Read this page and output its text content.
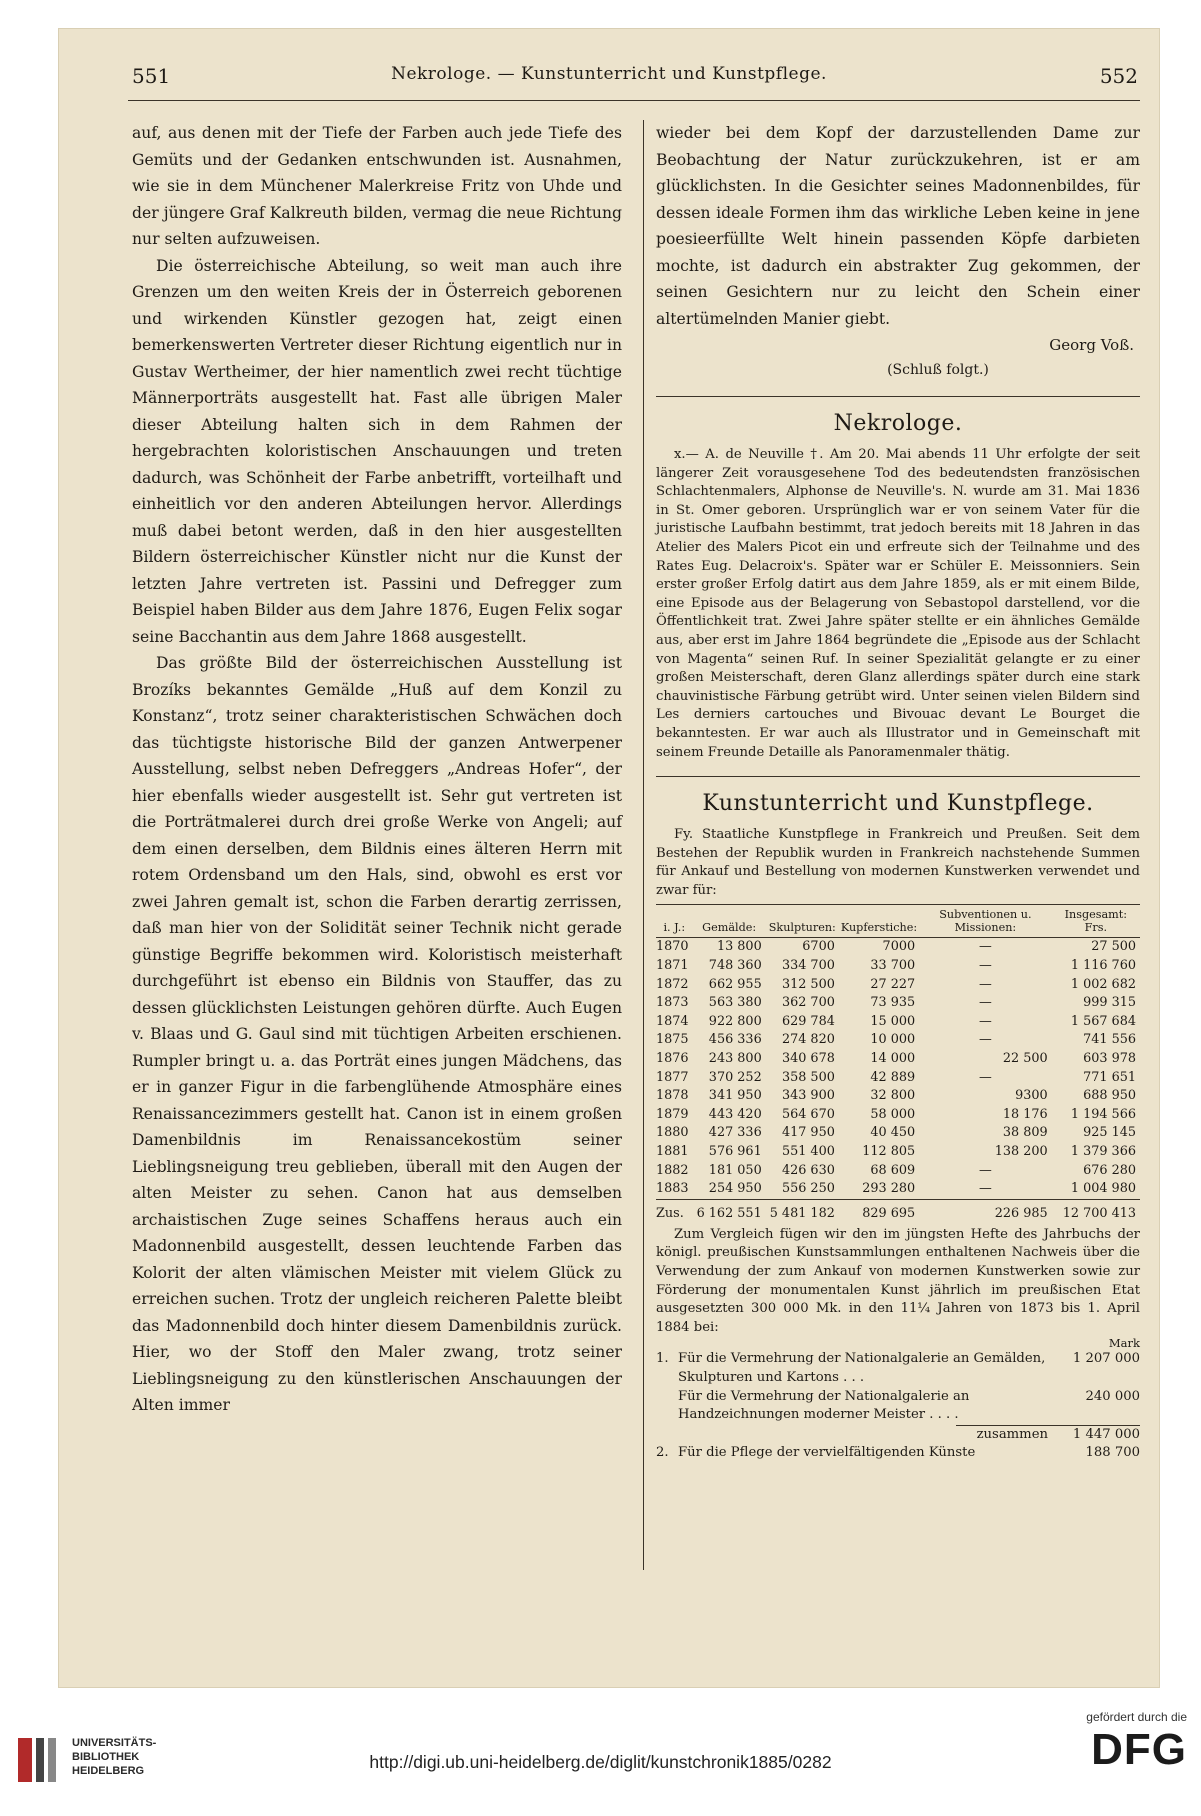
551	Nekrologe. — Kunstunterricht und Kunstpflege.	552

auf, aus denen mit der Tiefe der Farben auch jede Tiefe des Gemüts und der Gedanken entschwunden ist. Ausnahmen, wie sie in dem Münchener Malerkreise Fritz von Uhde und der jüngere Graf Kalkreuth bilden, vermag die neue Richtung nur selten aufzuweisen.

Die österreichische Abteilung, so weit man auch ihre Grenzen um den weiten Kreis der in Österreich geborenen und wirkenden Künstler gezogen hat, zeigt einen bemerkenswerten Vertreter dieser Richtung eigentlich nur in Gustav Wertheimer, der hier namentlich zwei recht tüchtige Männerporträts ausgestellt hat. Fast alle übrigen Maler dieser Abteilung halten sich in dem Rahmen der hergebrachten koloristischen Anschauungen und treten dadurch, was Schönheit der Farbe anbetrifft, vorteilhaft und einheitlich vor den anderen Abteilungen hervor. Allerdings muß dabei betont werden, daß in den hier ausgestellten Bildern österreichischer Künstler nicht nur die Kunst der letzten Jahre vertreten ist. Passini und Defregger zum Beispiel haben Bilder aus dem Jahre 1876, Eugen Felix sogar seine Bacchantin aus dem Jahre 1868 ausgestellt.

Das größte Bild der österreichischen Ausstellung ist Brozíks bekanntes Gemälde „Huß auf dem Konzil zu Konstanz“, trotz seiner charakteristischen Schwächen doch das tüchtigste historische Bild der ganzen Antwerpener Ausstellung, selbst neben Defreggers „Andreas Hofer“, der hier ebenfalls wieder ausgestellt ist. Sehr gut vertreten ist die Porträtmalerei durch drei große Werke von Angeli; auf dem einen derselben, dem Bildnis eines älteren Herrn mit rotem Ordensband um den Hals, sind, obwohl es erst vor zwei Jahren gemalt ist, schon die Farben derartig zerrissen, daß man hier von der Solidität seiner Technik nicht gerade günstige Begriffe bekommen wird. Koloristisch meisterhaft durchgeführt ist ebenso ein Bildnis von Stauffer, das zu dessen glücklichsten Leistungen gehören dürfte. Auch Eugen v. Blaas und G. Gaul sind mit tüchtigen Arbeiten erschienen. Rumpler bringt u. a. das Porträt eines jungen Mädchens, das er in ganzer Figur in die farbenglühende Atmosphäre eines Renaissancezimmers gestellt hat. Canon ist in einem großen Damenbildnis im Renaissancekostüm seiner Lieblingsneigung treu geblieben, überall mit den Augen der alten Meister zu sehen. Canon hat aus demselben archaistischen Zuge seines Schaffens heraus auch ein Madonnenbild ausgestellt, dessen leuchtende Farben das Kolorit der alten vlämischen Meister mit vielem Glück zu erreichen suchen. Trotz der ungleich reicheren Palette bleibt das Madonnenbild doch hinter diesem Damenbildnis zurück. Hier, wo der Stoff den Maler zwang, trotz seiner Lieblingsneigung zu den künstlerischen Anschauungen der Alten immer

wieder bei dem Kopf der darzustellenden Dame zur Beobachtung der Natur zurückzukehren, ist er am glücklichsten. In die Gesichter seines Madonnenbildes, für dessen ideale Formen ihm das wirkliche Leben keine in jene poesieerfüllte Welt hinein passenden Köpfe darbieten mochte, ist dadurch ein abstrakter Zug gekommen, der seinen Gesichtern nur zu leicht den Schein einer altertümelnden Manier giebt.

Georg Voß.
(Schluß folgt.)
Nekrologe.

x.— A. de Neuville †. Am 20. Mai abends 11 Uhr erfolgte der seit längerer Zeit vorausgesehene Tod des bedeutendsten französischen Schlachtenmalers, Alphonse de Neuville's. N. wurde am 31. Mai 1836 in St. Omer geboren. Ursprünglich war er von seinem Vater für die juristische Laufbahn bestimmt, trat jedoch bereits mit 18 Jahren in das Atelier des Malers Picot ein und erfreute sich der Teilnahme und des Rates Eug. Delacroix's. Später war er Schüler E. Meissonniers. Sein erster großer Erfolg datirt aus dem Jahre 1859, als er mit einem Bilde, eine Episode aus der Belagerung von Sebastopol darstellend, vor die Öffentlichkeit trat. Zwei Jahre später stellte er ein ähnliches Gemälde aus, aber erst im Jahre 1864 begründete die „Episode aus der Schlacht von Magenta“ seinen Ruf. In seiner Spezialität gelangte er zu einer großen Meisterschaft, deren Glanz allerdings später durch eine stark chauvinistische Färbung getrübt wird. Unter seinen vielen Bildern sind Les derniers cartouches und Bivouac devant Le Bourget die bekanntesten. Er war auch als Illustrator und in Gemeinschaft mit seinem Freunde Detaille als Panoramenmaler thätig.

Kunstunterricht und Kunstpflege.

Fy. Staatliche Kunstpflege in Frankreich und Preußen. Seit dem Bestehen der Republik wurden in Frankreich nachstehende Summen für Ankauf und Bestellung von modernen Kunstwerken verwendet und zwar für:

i. J.:	Gemälde:	Skulpturen:	Kupferstiche:	Subventionen u. Missionen:	Insgesamt: Frs.
1870	13 800	6700	7000	—	27 500
1871	748 360	334 700	33 700	—	1 116 760
1872	662 955	312 500	27 227	—	1 002 682
1873	563 380	362 700	73 935	—	999 315
1874	922 800	629 784	15 000	—	1 567 684
1875	456 336	274 820	10 000	—	741 556
1876	243 800	340 678	14 000	22 500	603 978
1877	370 252	358 500	42 889	—	771 651
1878	341 950	343 900	32 800	9300	688 950
1879	443 420	564 670	58 000	18 176	1 194 566
1880	427 336	417 950	40 450	38 809	925 145
1881	576 961	551 400	112 805	138 200	1 379 366
1882	181 050	426 630	68 609	—	676 280
1883	254 950	556 250	293 280	—	1 004 980
Zus.	6 162 551	5 481 182	829 695	226 985	12 700 413

Zum Vergleich fügen wir den im jüngsten Hefte des Jahrbuchs der königl. preußischen Kunstsammlungen enthaltenen Nachweis über die Verwendung der zum Ankauf von modernen Kunstwerken sowie zur Förderung der monumentalen Kunst jährlich im preußischen Etat ausgesetzten 300 000 Mk. in den 11¼ Jahren von 1873 bis 1. April 1884 bei:

Mark
1. Für die Vermehrung der Nationalgalerie an Gemälden, Skulpturen und Kartons . . .
1 207 000
Für die Vermehrung der Nationalgalerie an Handzeichnungen moderner Meister . . . .
240 000
zusammen	1 447 000
2. Für die Pflege der vervielfältigenden Künste	188 700
UNIVERSITÄTS-
BIBLIOTHEK
HEIDELBERG	http://digi.ub.uni-heidelberg.de/diglit/kunstchronik1885/0282
gefördert durch die
DFG
